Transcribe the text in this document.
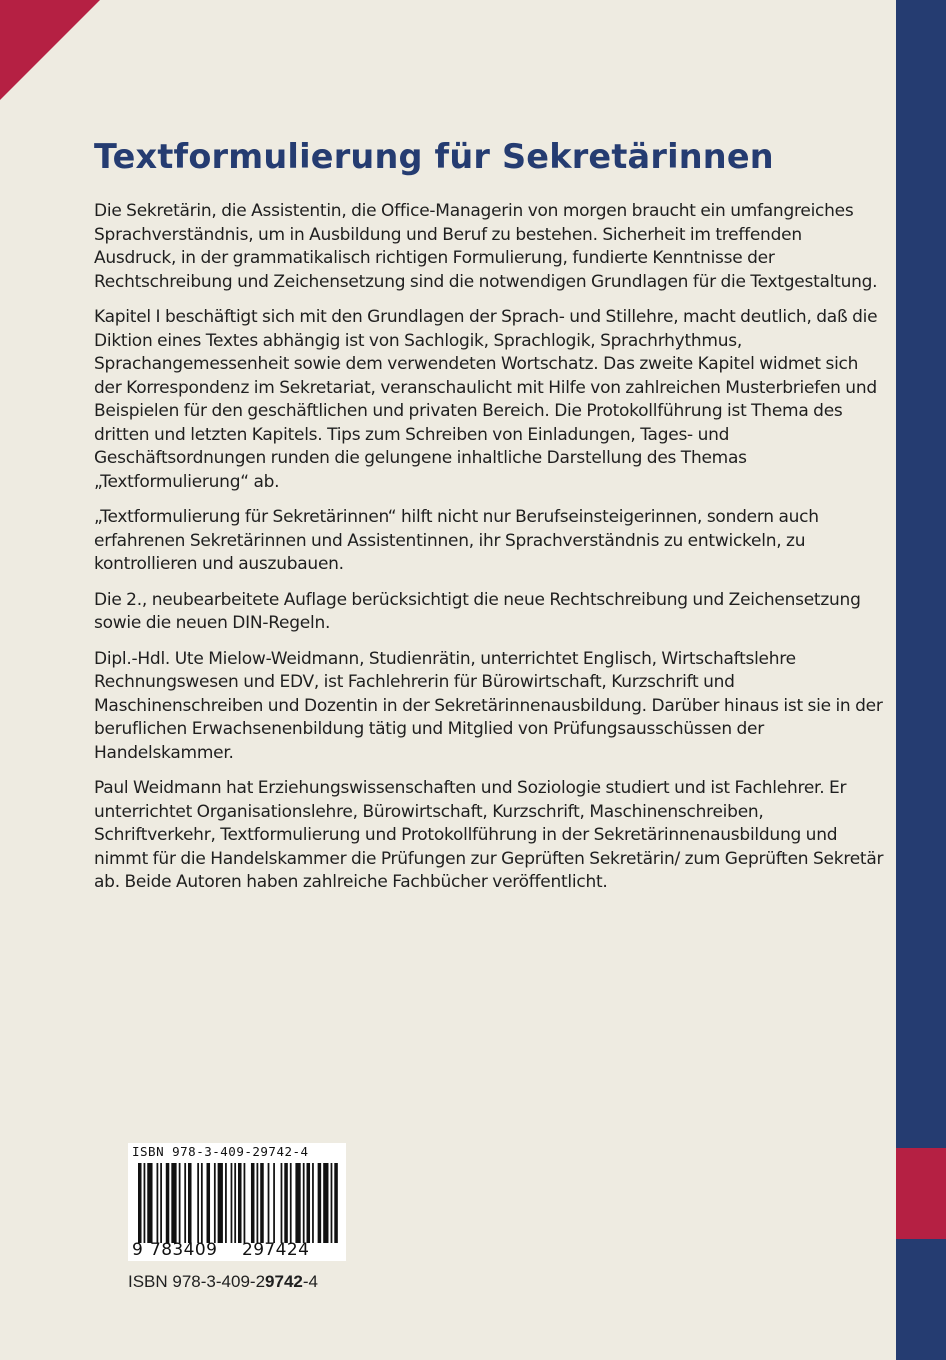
Textformulierung für Sekretärinnen

Die Sekretärin, die Assistentin, die Office-Managerin von morgen braucht ein umfangreiches Sprachverständnis, um in Ausbildung und Beruf zu bestehen. Sicherheit im treffenden Ausdruck, in der grammatikalisch richtigen Formulierung, fundierte Kenntnisse der Rechtschreibung und Zeichensetzung sind die notwendigen Grundlagen für die Textgestaltung.

Kapitel I beschäftigt sich mit den Grundlagen der Sprach- und Stillehre, macht deutlich, daß die Diktion eines Textes abhängig ist von Sachlogik, Sprachlogik, Sprachrhythmus, Sprachangemessenheit sowie dem verwendeten Wortschatz. Das zweite Kapitel widmet sich der Korrespondenz im Sekretariat, veranschaulicht mit Hilfe von zahlreichen Musterbriefen und Beispielen für den geschäftlichen und privaten Bereich. Die Protokollführung ist Thema des dritten und letzten Kapitels. Tips zum Schreiben von Einladungen, Tages- und Geschäftsordnungen runden die gelungene inhaltliche Darstellung des Themas „Textformulierung“ ab.

„Textformulierung für Sekretärinnen“ hilft nicht nur Berufseinsteigerinnen, sondern auch erfahrenen Sekretärinnen und Assistentinnen, ihr Sprachverständnis zu entwickeln, zu kontrollieren und auszubauen.

Die 2., neubearbeitete Auflage berücksichtigt die neue Rechtschreibung und Zeichensetzung sowie die neuen DIN-Regeln.

Dipl.-Hdl. Ute Mielow-Weidmann, Studienrätin, unterrichtet Englisch, Wirtschaftslehre Rechnungswesen und EDV, ist Fachlehrerin für Bürowirtschaft, Kurzschrift und Maschinenschreiben und Dozentin in der Sekretärinnenausbildung. Darüber hinaus ist sie in der beruflichen Erwachsenenbildung tätig und Mitglied von Prüfungsausschüssen der Handelskammer.

Paul Weidmann hat Erziehungswissenschaften und Soziologie studiert und ist Fachlehrer. Er unterrichtet Organisationslehre, Bürowirtschaft, Kurzschrift, Maschinenschreiben, Schriftverkehr, Textformulierung und Protokollführung in der Sekretärinnenausbildung und nimmt für die Handelskammer die Prüfungen zur Geprüften Sekretärin/ zum Geprüften Sekretär ab. Beide Autoren haben zahlreiche Fachbücher veröffentlicht.

ISBN 978-3-409-29742-4
9 783409 297424
ISBN 978-3-409-29742-4
